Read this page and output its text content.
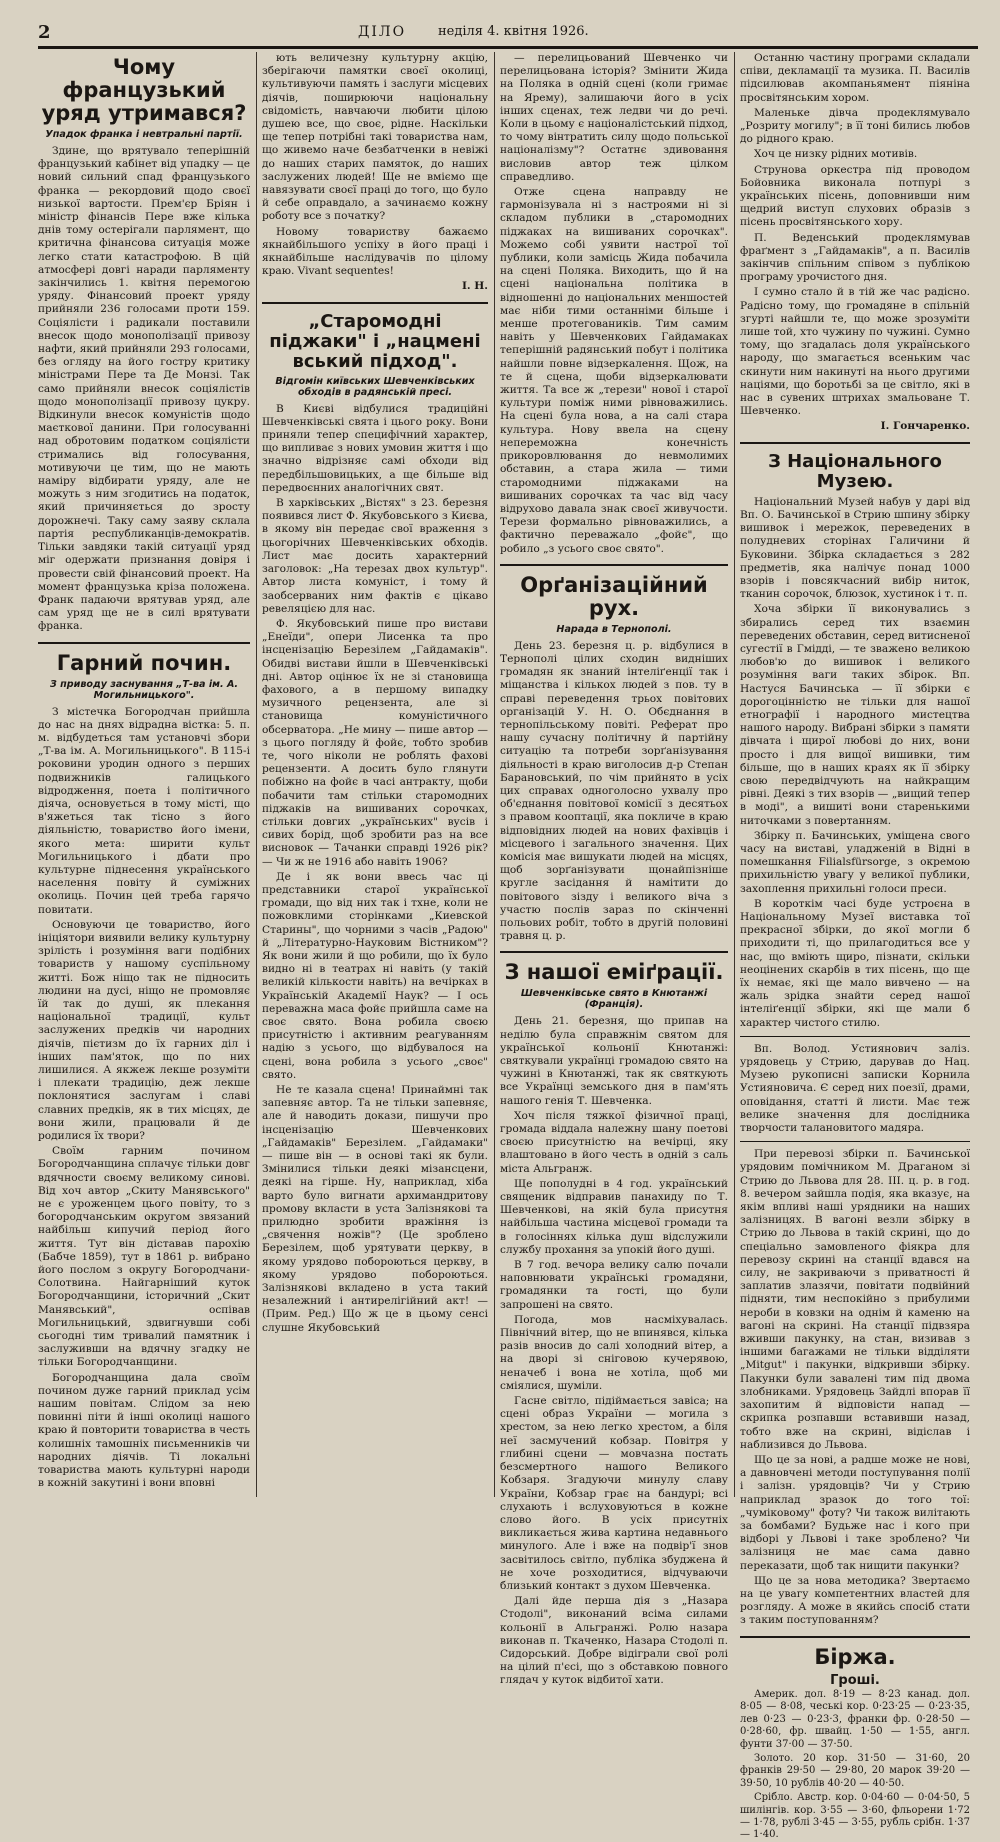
2	ДІЛО неділя 4. квітня 1926.
Чому французький уряд утримався?
Упадок франка і невтральні партії.

Здине, що врятувало теперішній французький кабінет від упадку — це новий сильний спад французького франка — рекордовий щодо своєї низької вартости. Прем'єр Бріян і міністр фінансів Пере вже кілька днів тому остерігали парлямент, що критична фінансова ситуація може легко стати катастрофою. В цій атмосфері довгі наради парляменту закінчились 1. квітня перемогою уряду. Фінансовий проект уряду прийняли 236 голосами проти 159. Соціялісти і радикали поставили внесок щодо монополізації привозу нафти, який прийняли 293 голосами, без огляду на його гостру критику міністрами Пере та Де Монзі. Так само прийняли внесок соціялістів щодо монополізації привозу цукру. Відкинули внесок комуністів щодо маєткової данини. При голосуванні над обротовим податком соціялісти стримались від голосування, мотивуючи це тим, що не мають наміру відбирати уряду, але не можуть з ним згодитись на податок, який причиняється до зросту дорожнечі. Таку саму заяву склала партія республиканців-демократів. Тільки завдяки такій ситуації уряд міг одержати признання довіря і провести свій фінансовий проект. На момент французька кріза положена. Франк падаючи врятував уряд, але сам уряд ще не в силі врятувати франка.

Гарний почин.
З приводу заснування „Т-ва ім. А. Могильницького".

З містечка Богородчан прийшла до нас на днях відрадна вістка: 5. п. м. відбудеться там установчі збори „Т-ва ім. А. Могильницького". В 115-і роковини уродин одного з перших подвижників галицького відродження, поета і політичного діяча, основується в тому місті, що в'яжеться так тісно з його діяльністю, товариство його імени, якого мета: ширити культ Могильницького і дбати про культурне піднесення українського населення повіту й суміжних околиць. Почин цей треба гарячо повитати.

Основуючи це товариство, його ініціятори виявили велику культурну зрілість і розуміння ваги подібних товариств у нашому суспільному житті. Бож ніщо так не підносить людини на дусі, ніщо не промовляє їй так до душі, як плекання національної традиції, культ заслужених предків чи народних діячів, пієтизм до їх гарних діл і інших пам'яток, що по них лишилися. А якжеж лекше розуміти і плекати традицію, деж лекше поклонятися заслугам і славі славних предків, як в тих місцях, де вони жили, працювали й де родилися їх твори?

Своїм гарним почином Богородчанщина сплачує тільки довг вдячности своєму великому синові. Вiд хоч автор „Скиту Манявського" не є уроженцем цього повіту, то з богородчанським округом звязаний найбільш кипучий період його життя. Тут він діставав парохію (Бабче 1859), тут в 1861 р. вибрано його послом з округу Богородчани-Солотвина. Найгарніший куток Богородчанщини, історичний „Скит Манявський", оспівав Могильницький, здвигнувши собі сьогодні тим тривалий памятник і заслуживши на вдячну згадку не тільки Богородчанщини.

Богородчанщина дала своїм почином дуже гарний приклад усім нашим повітам. Слідом за нею повинні піти й інші околиці нашого краю й повторити товариства в честь колишніх тамошніх письменників чи народних діячів. Ті локальні товариства мають культурні народи в кожній закутині і вони вповні

ють величезну культурну акцію, зберігаючи памятки своєї околиці, культивуючи память і заслуги місцевих діячів, поширюючи національну свідомість, навчаючи любити цілою душею все, що своє, рідне. Наскільки ще тепер потрібні такі товариства нам, що живемо наче безбатченки в невіжі до наших старих памяток, до наших заслужених людей! Ще не вміємо ще навязувати своєї праці до того, що було й себе оправдало, а зачинаємо кожну роботу все з початку?

Новому товариству бажаємо якнайбільшого успіху в його праці і якнайбільше наслідувачів по цілому краю. Vivant sequentes!

І. Н.
„Старомодні піджаки" і „нацмені вський підход".
Відгомін київських Шевченківських обходів в радянській пресі.

В Києві відбулися традиційні Шевченківські свята і цього року. Вони приняли тепер специфічний характер, що випливає з нових умовин життя і що значно відрізняє самі обходи від передбільшовицьких, а ще більше від передвоєнних аналогічних свят.

В харківських „Вістях" з 23. березня появився лист Ф. Якубовського з Києва, в якому він передає свої враження з цьогорічних Шевченківських обходів. Лист має досить характерний заголовок: „На терезах двох культур". Автор листа комуніст, і тому й заобсерваних ним фактів є цікаво ревеляцією для нас.

Ф. Якубовський пише про вистави „Енеїди", опери Лисенка та про інсценізацію Березілем „Гайдамаків". Обидві вистави йшли в Шевченківські дні. Автор оцінює їх не зі становища фахового, а в першому випадку музичного рецензента, але зі становища комуністичного обсерватора. „Не мину — пише автор — з цього погляду й фойє, тобто зробив те, чого ніколи не роблять фахові рецензенти. А досить було глянути побіжно на фойє в часі антракту, щоби побачити там стільки старомодних піджаків на вишиваних сорочках, стільки довгих „українських" вусів і сивих борід, щоб зробити раз на все висновок — Тачанки справді 1926 рік? — Чи ж не 1916 або навіть 1906?

Де і як вони ввесь час ці представники старої української громади, що від них так і тхне, коли не пожовклими сторінками „Киевской Старины", що чорними з часів „Радою" й „Літературно-Науковим Вістником"? Як вони жили й що робили, що їх було видно ні в театрах ні навіть (у такій великій кількости навіть) на вечірках в Українській Академії Наук? — І ось переважна маса фойє прийшла саме на своє свято. Вона робила своєю присутністю і активним реагуванням надію з усього, що відбувалося на сцені, вона робила з усього „своє" свято.

Не те казала сцена! Принаймні так запевняє автор. Та не тільки запевняє, але й наводить докази, пишучи про інсценізацію Шевченкових „Гайдамаків" Березілем. „Гайдамаки" — пише він — в основі такі як були. Змінилися тільки деякі мізансцени, деякі на гірше. Ну, наприклад, хіба варто було вигнати архимандритову промову вкласти в уста Залізнякові та прилюдно зробити вражіння із „свячення ножів"? (Це зроблено Березілем, щоб урятувати церкву, в якому урядово побороються церкву, в якому урядово побороються. Залізнякові вкладено в уста такий незалежний і антирелігійний акт! — (Прим. Ред.) Що ж це в цьому сенсі слушне Якубовський

— перелицьований Шевченко чи перелицьована історія? Змінити Жида на Поляка в одній сцені (коли гримає на Ярему), залишаючи його в усіх інших сценах, теж ледви чи до речі. Коли в цьому є націоналістський підход, то чому вінтратить силу щодо польської націоналізму"? Остатнє здивовання висловив автор теж цілком справедливо.

Отже сцена направду не гармонізувала ні з настроями ні зі складом публики в „старомодних піджаках на вишиваних сорочках". Можемо собі уявити настрої тої публики, коли замісць Жида побачила на сцені Поляка. Виходить, що й на сцені національна політика в відношенні до національних меншостей має ніби тими останніми більше і менше протеговаників. Тим самим навіть у Шевченкових Гайдамаках теперішній радянський побут і політика найшли повне відзеркалення. Щож, на те й сцена, щоби відзеркалювати життя. Та все ж „терези" нової і старої культури поміж ними рівноважились. На сцені була нова, а на салі стара культура. Нову ввела на сцену непереможна конечність прикоровлювання до невмолимих обставин, а стара жила — тими старомодними піджаками на вишиваних сорочках та час від часу відрухово давала знак своєї живучости. Терези формально рівноважились, а фактично переважало „фойє", що робило „з усього своє свято".

Орґанізаційний рух.
Нарада в Тернополі.

День 23. березня ц. р. відбулися в Тернополі цілих сходин видніших громадян як знаний інтеліґенції так і міщанства і кількох людей з пов. ту в справі переведення трьох повітових організацій У. Н. О. Обєднання в тернопільському повіті. Реферат про нашу сучасну політичну й партійну ситуацію та потреби зорґанізування діяльності в краю виголосив д-р Степан Барановський, по чім прийнято в усіх цих справах одноголосно ухвалу про об'єднання повітової комісії з десятьох з правом кооптації, яка покличе в краю відповідних людей на нових фахівців і місцевого і загального значення. Цих комісія має вишукати людей на місцях, щоб зорґанізувати щонайпізніше кругле засідання й намітити до повітового зізду і великого віча з участю послів зараз по скінченні польових робіт, тобто в другій половині травня ц. р.

З нашої еміґрації.
Шевченківське свято в Кнютанжі (Франція).

День 21. березня, що припав на неділю була справжнім святом для української кольонії Кнютанжі: святкували українці громадою свято на чужині в Кнютанжі, так як святкують все Українці земського дня в пам'ять нашого генія Т. Шевченка.

Хоч після тяжкої фізичної праці, громада віддала належну шану поетові своєю присутністю на вечірці, яку влаштовано в його честь в одній з саль міста Альгранж.

Ще пополудні в 4 год. український священик відправив панахиду по Т. Шевченкові, на якій була присутня найбільша частина місцевої громади та в голосіннях кілька душ відслужили службу прохання за упокій його душі.

В 7 год. вечора велику салю почали наповнювати українські громадяни, громадянки та гості, що були запрошені на свято.

Погода, мов насміхувалась. Північний вітер, що не впинявся, кілька разів вносив до салі холодний вітер, а на дворі зі сніговою кучерявою, неначеб і вона не хотіла, щоб ми сміялися, шуміли.

Гасне світло, підіймається завіса; на сцені образ України — могила з хрестом, за нею легко хрестом, а біля неї засмучений кобзар. Повітря у глибині сцени — мовчазна постать безсмертного нашого Великого Кобзаря. Згадуючи минулу славу України, Кобзар грає на бандурі; всі слухають і вслуховуються в кожне слово його. В усіх присутніх викликається жива картина недавнього минулого. Але і вже на подвір'ї знов засвітилось світло, публіка збуджена й не хоче розходитися, відчуваючи близький контакт з духом Шевченка.

Далі йде перша дія з „Назара Стодолі", виконаний всіма силами кольонії в Альгранжі. Ролю назара виконав п. Ткаченко, Назара Стодолі п. Сидорський. Добре відіграли свої ролі на цілий п'єсі, що з обставкою повного глядач у куток відбитої хати.

Останню частину програми складали співи, декламації та музика. П. Василів підсилював акомпаньямент піяніна просвітянським хором.

Маленьке дівча продеклямувало „Розриту могилу"; в її тоні бились любов до рідного краю.

Хоч це низку рідних мотивів.

Струнова оркестра під проводом Бойовника виконала потпурі з українських пісень, доповнивши ним щедрий виступ слухових образів з пісень просвітянського хору.

П. Веденський продеклямував фраґмент з „Гайдамаків", а п. Василів закінчив спільним співом з публікою програму урочистого дня.

І сумно стало й в тій же час радісно. Радісно тому, що громадяне в спільній згурті найшли те, що може зрозуміти лише той, хто чужину по чужині. Сумно тому, що згадалась доля українського народу, що змагається всеньким час скинути ним накинуті на нього другими націями, що боротьбі за це світло, які в нас в сувених штрихах змальоване Т. Шевченко.

І. Гончаренко.
З Національного Музею.

Національний Музей набув у дарі від Вп. О. Бачинської в Стрию шпину збірку вишивок і мережок, переведених в полудневих сторінах Галичини й Буковини. Збірка складається з 282 предметів, яка налічує понад 1000 взорів і повсякчасний вибір ниток, тканин сорочок, блюзок, хустинок і т. п.

Хоча збірки її виконувались з збирались серед тих взаємин переведених обставин, серед витисненої сугестії в Гмідді, — те зважено великою любов'ю до вишивок і великого розуміння ваги таких збірок. Вп. Настуся Бачинська — її збірки є дорогоцінністю не тільки для нашої етнографії і народного мистецтва нашого народу. Вибрані збірки з памяти дівчата і щирої любові до них, вони просто і для вищої вишивки, тим більше, що в наших краях як її збірку свою передвідчують на найкращим рівні. Деякі з тих взорів — „вищий тепер в моді", а вишиті вони старенькими ниточками з повертанням.

Збірку п. Бачинських, уміщена свого часу на виставі, уладженій в Відні в помешкання Filialsfürsorge, з окремою прихильністю увагу у великої публики, захоплення прихильні голоси преси.

В короткім часі буде устроєна в Національному Музеї виставка тої прекрасної збірки, до якої могли б приходити ті, що прилагодиться все у нас, що вміють щиро, пізнати, скільки неоцінених скарбів в тих пісень, що ще їх немає, які ще мало вивчено — на жаль зрідка знайти серед нашої інтеліґенції збірки, які ще мали б характер чистого стилю.

Вп. Волод. Устиянович заліз. урядовець у Стрию, дарував до Нац. Музею рукописні записки Корнила Устияновича. Є серед них поезії, драми, оповідання, статті й листи. Має теж велике значення для дослідника творчости талановитого мадяра.

При перевозі збірки п. Бачинської урядовим помічником М. Драганом зі Стрию до Львова для 28. III. ц. р. в год. 8. вечером зайшла подія, яка вказує, на якім впливі наші урядники на наших залізницях. В вагоні везли збірку в Стрию до Львова в такій скрині, що до спеціально замовленого фіякра для перевозу скрині на станції вдався на силу, не закриваючи з приватності й заплатив злазячи, повітати подвійний підняти, тим неспокійно з прибулими нероби в ковзки на однім й каменю на вагоні на скрині. На станції підвзяра вживши пакунку, на стан, визивав з іншими багажами не тільки відділяти „Mitgut" і пакунки, відкривши збірку. Пакунки були завалені тим під двома злобниками. Урядовець Зайдлі впорав її захопитим й відповісти напад — скрипка розпавши вставивши назад, тобто вже на скрині, відіслав і наблизився до Львова.

Що це за нові, а радше може не нові, а давновчені методи поступування полії і залізн. урядовців? Чи у Стрию наприклад зразок до того тої: „чуміковому" фоту? Чи також вилітають за бомбами? Будьже нас і кого при відборі у Львові і таке зроблено? Чи залізниця не має сама давно переказати, щоб так нищити пакунки?

Що це за нова методика? Звертаємо на це увагу компетентних властей для розгляду. А може в якийсь спосіб стати з таким поступованням?

Біржа.
Гроші.

Америк. дол. 8·19 — 8·23 канад. дол. 8·05 — 8·08, чеські кор. 0·23·25 — 0·23·35, лев 0·23 — 0·23·3, франки фр. 0·28·50 — 0·28·60, фр. швайц. 1·50 — 1·55, англ. фунти 37·00 — 37·50.

Золото. 20 кор. 31·50 — 31·60, 20 франків 29·50 — 29·80, 20 марок 39·20 — 39·50, 10 рублів 40·20 — 40·50.

Срібло. Австр. кор. 0·04·60 — 0·04·50, 5 шилінгів. кор. 3·55 — 3·60, фльорени 1·72 — 1·78, рублі 3·45 — 3·55, рубль срібн. 1·37 — 1·40.
